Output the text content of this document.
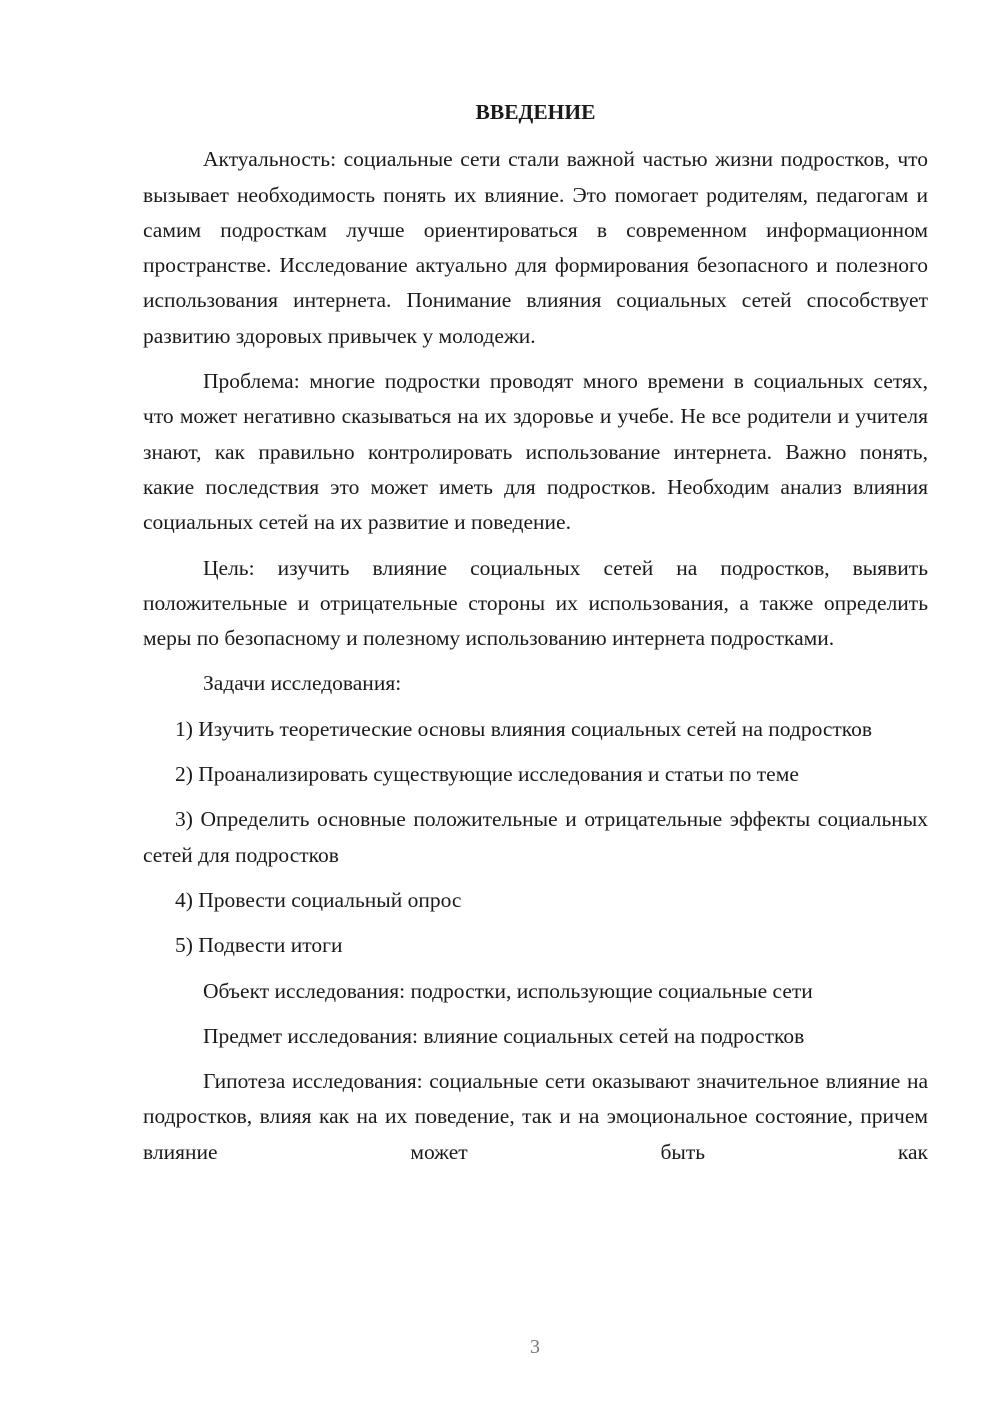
ВВЕДЕНИЕ

Актуальность: социальные сети стали важной частью жизни подростков, что вызывает необходимость понять их влияние. Это помогает родителям, педагогам и самим подросткам лучше ориентироваться в современном информационном пространстве. Исследование актуально для формирования безопасного и полезного использования интернета. Понимание влияния социальных сетей способствует развитию здоровых привычек у молодежи.

Проблема: многие подростки проводят много времени в социальных сетях, что может негативно сказываться на их здоровье и учебе. Не все родители и учителя знают, как правильно контролировать использование интернета. Важно понять, какие последствия это может иметь для подростков. Необходим анализ влияния социальных сетей на их развитие и поведение.

Цель: изучить влияние социальных сетей на подростков, выявить положительные и отрицательные стороны их использования, а также определить меры по безопасному и полезному использованию интернета подростками.

Задачи исследования:

1) Изучить теоретические основы влияния социальных сетей на подростков

2) Проанализировать существующие исследования и статьи по теме

3) Определить основные положительные и отрицательные эффекты социальных сетей для подростков

4) Провести социальный опрос

5) Подвести итоги

Объект исследования: подростки, использующие социальные сети

Предмет исследования: влияние социальных сетей на подростков

Гипотеза исследования: социальные сети оказывают значительное влияние на подростков, влияя как на их поведение, так и на эмоциональное состояние, причем влияние может быть как

3
